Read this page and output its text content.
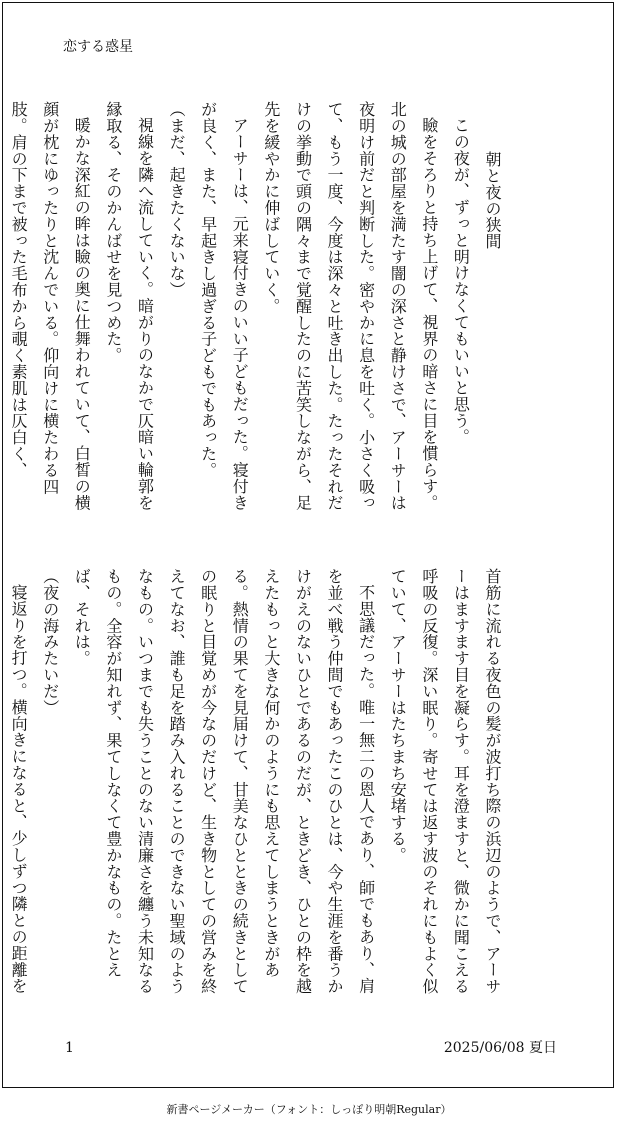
恋する惑星

朝と夜の狭間

この夜が、ずっと明けなくてもいいと思う。

瞼をそろりと持ち上げて、視界の暗さに目を慣らす。北の城の部屋を満たす闇の深さと静けさで、アーサーは夜明け前だと判断した。密やかに息を吐く。小さく吸って、もう一度、今度は深々と吐き出した。たったそれだけの挙動で頭の隅々まで覚醒したのに苦笑しながら、足先を緩やかに伸ばしていく。

アーサーは、元来寝付きのいい子どもだった。寝付きが良く、また、早起きし過ぎる子どもでもあった。

（まだ、起きたくないな）

視線を隣へ流していく。暗がりのなかで仄暗い輪郭を縁取る、そのかんばせを見つめた。

暖かな深紅の眸は瞼の奥に仕舞われていて、白皙の横顔が枕にゆったりと沈んでいる。仰向けに横たわる四肢。肩の下まで被った毛布から覗く素肌は仄白く、

首筋に流れる夜色の髪が波打ち際の浜辺のようで、アーサーはますます目を凝らす。耳を澄ますと、微かに聞こえる呼吸の反復。深い眠り。寄せては返す波のそれにもよく似ていて、アーサーはたちまち安堵する。

不思議だった。唯一無二の恩人であり、師でもあり、肩を並べ戦う仲間でもあったこのひとは、今や生涯を番うかけがえのないひとであるのだが、ときどき、ひとの枠を越えたもっと大きな何かのようにも思えてしまうときがある。熱情の果てを見届けて、甘美なひとときの続きとしての眠りと目覚めが今なのだけど、生き物としての営みを終えてなお、誰も足を踏み入れることのできない聖域のようなもの。いつまでも失うことのない清廉さを纏う未知なるもの。全容が知れず、果てしなくて豊かなもの。たとえば、それは。

（夜の海みたいだ）

寝返りを打つ。横向きになると、少しずつ隣との距離を

1	2025/06/08 夏日
新書ページメーカー（フォント：しっぽり明朝Regular）
